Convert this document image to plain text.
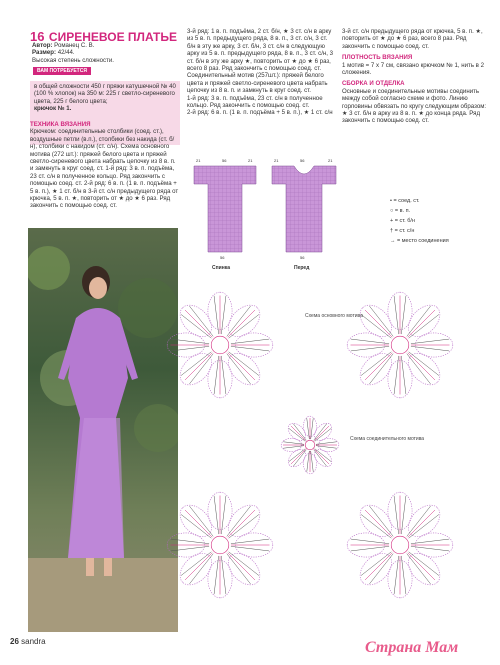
16 СИРЕНЕВОЕ ПЛАТЬЕ

Автор: Романец С. В.

Размер: 42/44.

Высокая степень сложности.

ВАМ ПОТРЕБУЕТСЯ

в общей сложности 450 г пряжи катушечной № 40 (100 % хлопок) на 350 м: 225 г светло-сиреневого цвета, 225 г белого цвета;

крючок № 1.

ТЕХНИКА ВЯЗАНИЯ

Крючком: соединительные столбики (соед. ст.), воздушные петли (в.п.), столбики без накида (ст. б/н), столбики с накидом (ст. с/н). Схема основного мотива (272 шт.): пряжей белого цвета и пряжей светло-сиреневого цвета набрать цепочку из 8 в. п. и замкнуть в круг соед. ст. 1-й ряд: 3 в. п. подъёма, 23 ст. с/н в полученное кольцо. Ряд закончить с помощью соед. ст. 2-й ряд: 6 в. п. (1 в. п. подъёма + 5 в. п.), ★ 1 ст. б/н в 3-й ст. с/н предыдущего ряда от крючка, 5 в. п. ★, повторить от ★ до ★ 6 раз. Ряд закончить с помощью соед. ст.

3-й ряд: 1 в. п. подъёма, 2 ст. б/н, ★ 3 ст. с/н в арку из 5 в. п. предыдущего ряда, 8 в. п., 3 ст. с/н, 3 ст. б/н в эту же арку, 3 ст. б/н, 3 ст. с/н в следующую арку из 5 в. п. предыдущего ряда, 8 в. п., 3 ст. с/н, 3 ст. б/н в эту же арку ★, повторить от ★ до ★ 6 раз, всего 8 раз. Ряд закончить с помощью соед. ст.

Соединительный мотив (257шт.): пряжей белого цвета и пряжей светло-сиреневого цвета набрать цепочку из 8 в. п. и замкнуть в круг соед. ст.

1-й ряд: 3 в. п. подъёма, 23 ст. с/н в полученное кольцо. Ряд закончить с помощью соед. ст.

2-й ряд: 6 в. п. (1 в. п. подъёма + 5 в. п.), ★ 1 ст. с/н

3-й ст. с/н предыдущего ряда от крючка, 5 в. п. ★, повторить от ★ до ★ 6 раз, всего 8 раз. Ряд закончить с помощью соед. ст.

ПЛОТНОСТЬ ВЯЗАНИЯ

1 мотив = 7 х 7 см, связано крючком № 1, нить в 2 сложения.

СБОРКА И ОТДЕЛКА

Основные и соединительные мотивы соединить между собой согласно схеме и фото. Линию горловины обвязать по кругу следующим образом: ★ 3 ст. б/н в арку из 8 в. п. ★ до конца ряда. Ряд закончить с помощью соед. ст.

21	56	21	21	56	21
56	56
Спинка	Перед

• = соед. ст.

○ = в. п.

+ = ст. б/н

† = ст. с/н

→ = место соединения

Схема основного мотива
Схема соединительного мотива
26 sandra	Страна Мам
